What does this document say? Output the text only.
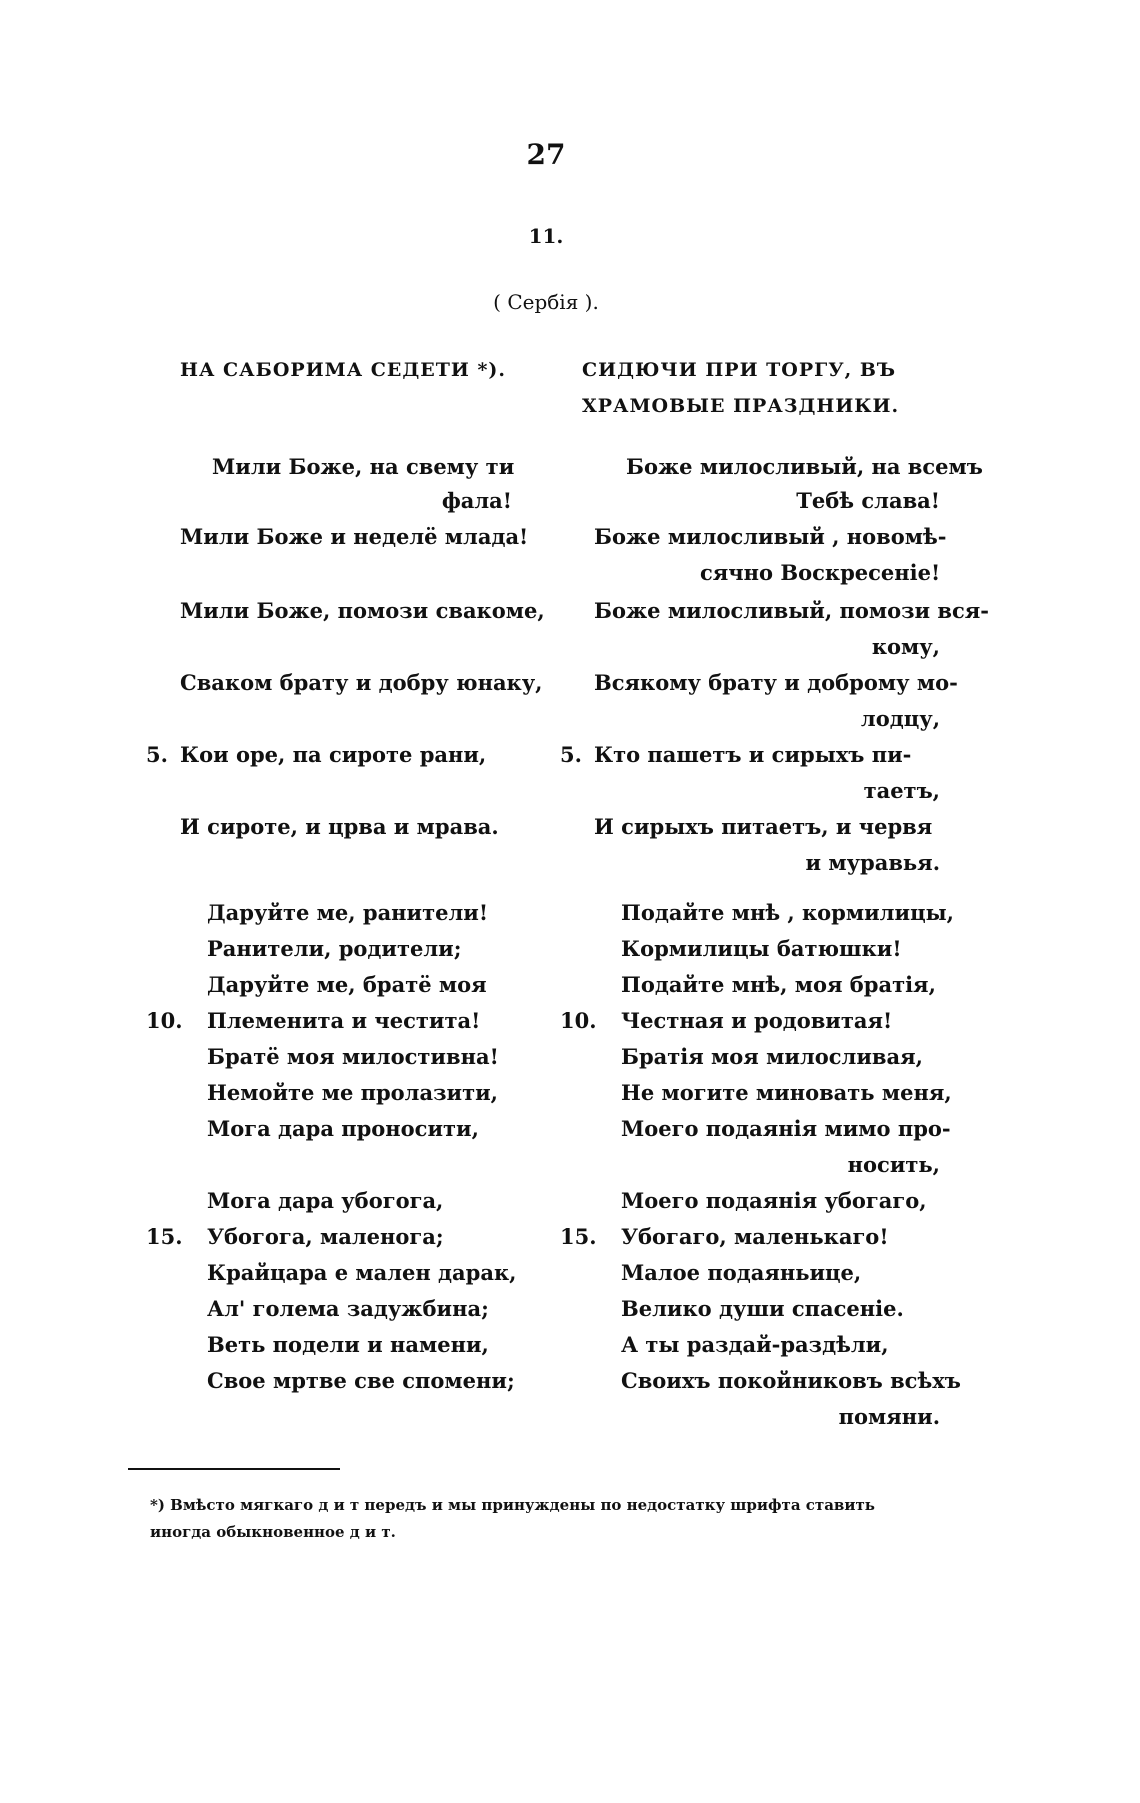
27
11.
( Сербія ).
НА САБОРИМА СЕДЕТИ *).	СИДЮЧИ ПРИ ТОРГУ, ВЪ ХРАМОВЫЕ ПРАЗДНИКИ.
Мили Боже, на свему ти
фала!
Мили Боже и неделё млада!
Мили Боже, помози свакоме,
Сваком брату и добру юнаку,
5. Кои оре, па сироте рани,
И сироте, и црва и мрава.
Даруйте ме, ранители!
Ранители, родители;
Даруйте ме, братё моя
10. Племенита и честита!
Братё моя милостивна!
Немойте ме пролазити,
Мога дара проносити,
Мога дара убогога,
15. Убогога, маленога;
Крайцара е мален дарак,
Ал' голема задужбина;
Веть подели и намени,
Свое мртве све спомени;
Боже милосливый, на всемъ
Тебѣ слава!
Боже милосливый , новомѣ-
сячно Воскресеніе!
Боже милосливый, помози вся-
кому,
Всякому брату и доброму мо-
лодцу,
5. Кто пашетъ и сирыхъ пи-
таетъ,
И сирыхъ питаетъ, и червя
и муравья.
Подайте мнѣ , кормилицы,
Кормилицы батюшки!
Подайте мнѣ, моя братія,
10. Честная и родовитая!
Братія моя милосливая,
Не могите миновать меня,
Моего подаянія мимо про-
носить,
Моего подаянія убогаго,
15. Убогаго, маленькаго!
Малое подаяньице,
Велико души спасеніе.
А ты раздай-раздѣли,
Своихъ покойниковъ всѣхъ
помяни.
*) Вмѣсто мягкаго д и т передъ и мы принуждены по недостатку шрифта ставить иногда обыкновенное д и т.
